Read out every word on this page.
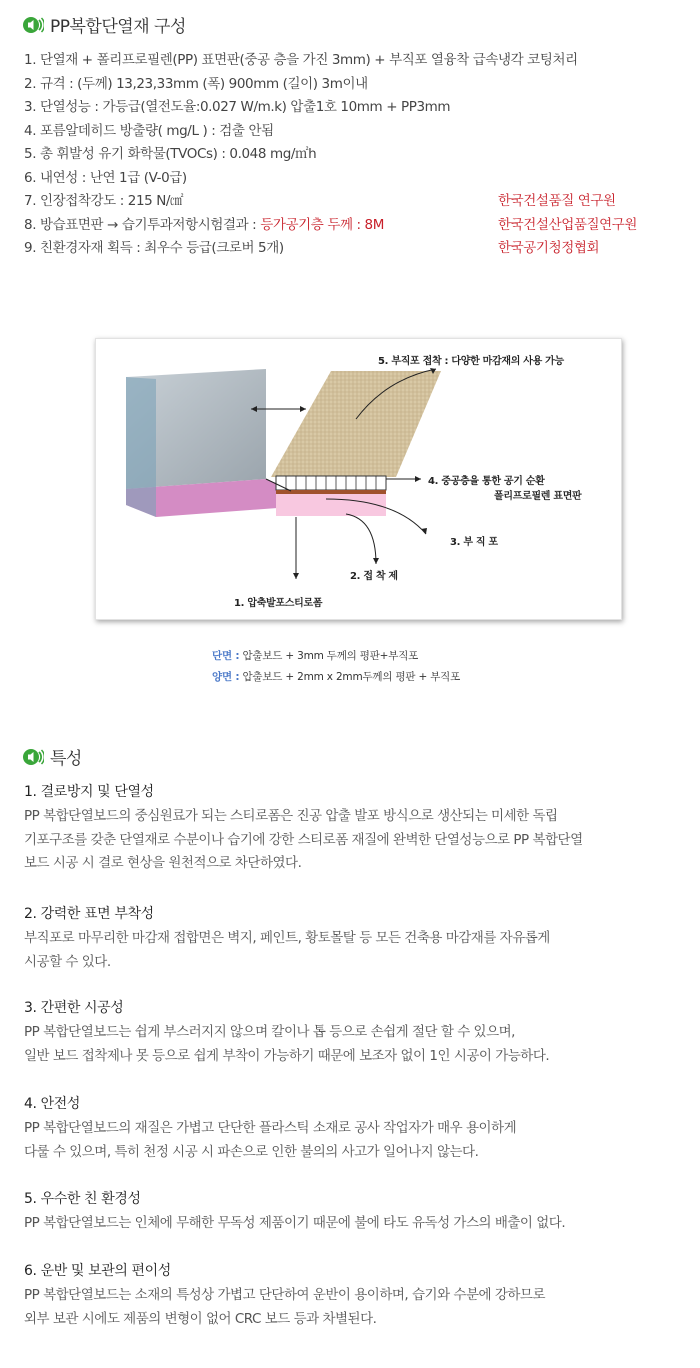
PP복합단열재 구성
1. 단열재 + 폴리프로필렌(PP) 표면판(중공 층을 가진 3mm) + 부직포 열융착 급속냉각 코팅처리
2. 규격 : (두께) 13,23,33mm (폭) 900mm (길이) 3m이내
3. 단열성능 : 가등급(열전도율:0.027 W/m.k) 압출1호 10mm + PP3mm
4. 포름알데히드 방출량( mg/L ) : 검출 안됨
5. 총 휘발성 유기 화학물(TVOCs) : 0.048 mg/㎡h
6. 내연성 : 난연 1급 (V-0급)
7. 인장접착강도 : 215 N/㎠	한국건설품질 연구원
8. 방습표면판 → 습기투과저항시험결과 : 등가공기층 두께 : 8M	한국건설산업품질연구원
9. 친환경자재 획득 : 최우수 등급(크로버 5개)	한국공기청정협회
5. 부직포 접착 : 다양한 마감재의 사용 가능
4. 중공층을 통한 공기 순환
폴리프로필렌 표면판
3. 부 직 포
2. 접 착 제
1. 압축발포스티로폼
단면 : 압출보드 + 3mm 두께의 평판+부직포
양면 : 압출보드 + 2mm x 2mm두께의 평판 + 부직포
특성
1. 결로방지 및 단열성
PP 복합단열보드의 중심원료가 되는 스티로폼은 진공 압출 발포 방식으로 생산되는 미세한 독립
기포구조를 갖춘 단열재로 수분이나 습기에 강한 스티로폼 재질에 완벽한 단열성능으로 PP 복합단열
보드 시공 시 결로 현상을 원천적으로 차단하였다.
2. 강력한 표면 부착성
부직포로 마무리한 마감재 접합면은 벽지, 페인트, 황토몰탈 등 모든 건축용 마감재를 자유롭게
시공할 수 있다.
3. 간편한 시공성
PP 복합단열보드는 쉽게 부스러지지 않으며 칼이나 톱 등으로 손쉽게 절단 할 수 있으며,
일반 보드 접착제나 못 등으로 쉽게 부착이 가능하기 때문에 보조자 없이 1인 시공이 가능하다.
4. 안전성
PP 복합단열보드의 재질은 가볍고 단단한 플라스틱 소재로 공사 작업자가 매우 용이하게
다룰 수 있으며, 특히 천정 시공 시 파손으로 인한 불의의 사고가 일어나지 않는다.
5. 우수한 친 환경성
PP 복합단열보드는 인체에 무해한 무독성 제품이기 때문에 불에 타도 유독성 가스의 배출이 없다.
6. 운반 및 보관의 편이성
PP 복합단열보드는 소재의 특성상 가볍고 단단하여 운반이 용이하며, 습기와 수분에 강하므로
외부 보관 시에도 제품의 변형이 없어 CRC 보드 등과 차별된다.
